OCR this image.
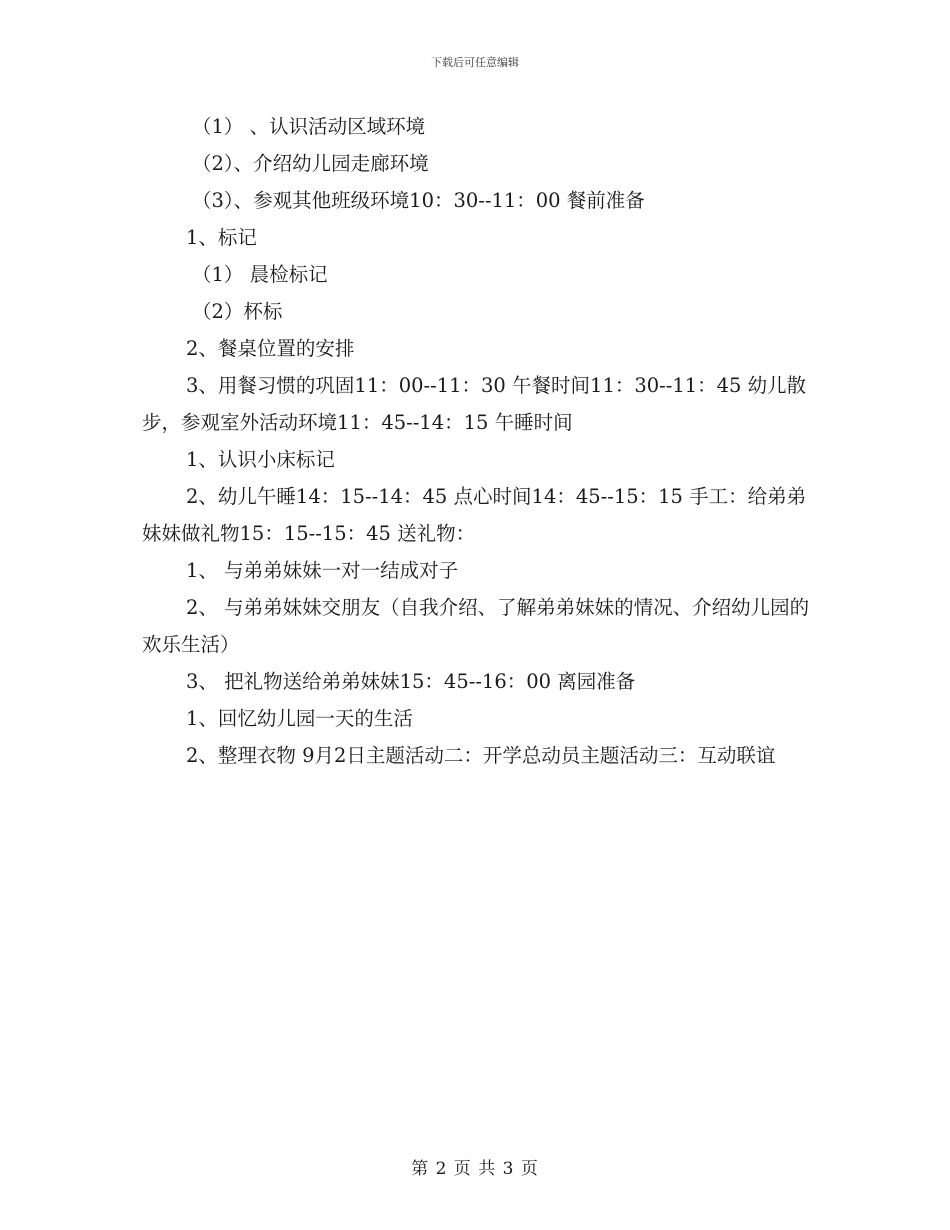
下载后可任意编辑

（1） 、认识活动区域环境

（2）、介绍幼儿园走廊环境

（3）、参观其他班级环境10：30--11：00 餐前准备

1、标记

（1） 晨检标记

（2）杯标

2、餐桌位置的安排

3、用餐习惯的巩固11：00--11：30 午餐时间11：30--11：45 幼儿散步，参观室外活动环境11：45--14：15 午睡时间

1、认识小床标记

2、幼儿午睡14：15--14：45 点心时间14：45--15：15 手工：给弟弟妹妹做礼物15：15--15：45 送礼物：

1、 与弟弟妹妹一对一结成对子

2、 与弟弟妹妹交朋友（自我介绍、了解弟弟妹妹的情况、介绍幼儿园的欢乐生活）

3、 把礼物送给弟弟妹妹15：45--16：00 离园准备

1、回忆幼儿园一天的生活

2、整理衣物 9月2日主题活动二：开学总动员主题活动三：互动联谊

第 2 页 共 3 页
